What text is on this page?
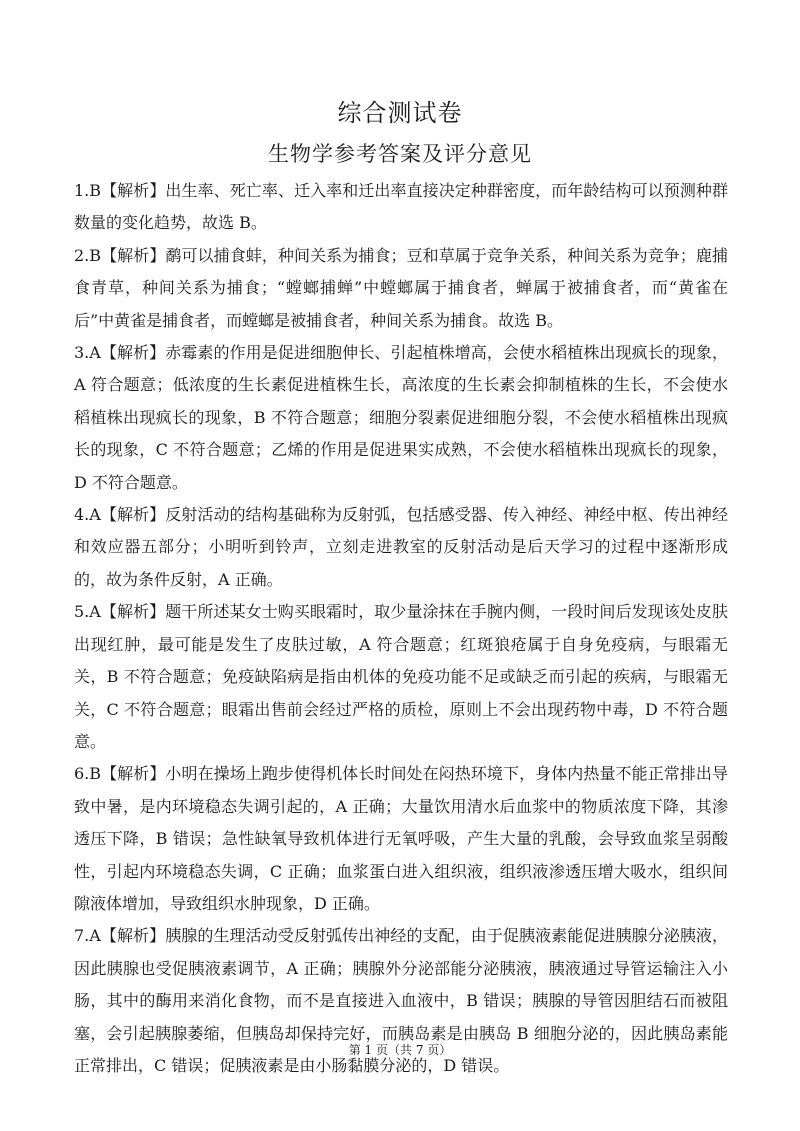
综合测试卷
生物学参考答案及评分意见

1.B【解析】出生率、死亡率、迁入率和迁出率直接决定种群密度，而年龄结构可以预测种群数量的变化趋势，故选 B。

2.B【解析】鹬可以捕食蚌，种间关系为捕食；豆和草属于竞争关系，种间关系为竞争；鹿捕食青草，种间关系为捕食；“螳螂捕蝉”中螳螂属于捕食者，蝉属于被捕食者，而“黄雀在后”中黄雀是捕食者，而螳螂是被捕食者，种间关系为捕食。故选 B。

3.A【解析】赤霉素的作用是促进细胞伸长、引起植株增高，会使水稻植株出现疯长的现象，A 符合题意；低浓度的生长素促进植株生长，高浓度的生长素会抑制植株的生长，不会使水稻植株出现疯长的现象，B 不符合题意；细胞分裂素促进细胞分裂，不会使水稻植株出现疯长的现象，C 不符合题意；乙烯的作用是促进果实成熟，不会使水稻植株出现疯长的现象，D 不符合题意。

4.A【解析】反射活动的结构基础称为反射弧，包括感受器、传入神经、神经中枢、传出神经和效应器五部分；小明听到铃声，立刻走进教室的反射活动是后天学习的过程中逐渐形成的，故为条件反射，A 正确。

5.A【解析】题干所述某女士购买眼霜时，取少量涂抹在手腕内侧，一段时间后发现该处皮肤出现红肿，最可能是发生了皮肤过敏，A 符合题意；红斑狼疮属于自身免疫病，与眼霜无关，B 不符合题意；免疫缺陷病是指由机体的免疫功能不足或缺乏而引起的疾病，与眼霜无关，C 不符合题意；眼霜出售前会经过严格的质检，原则上不会出现药物中毒，D 不符合题意。

6.B【解析】小明在操场上跑步使得机体长时间处在闷热环境下，身体内热量不能正常排出导致中暑，是内环境稳态失调引起的，A 正确；大量饮用清水后血浆中的物质浓度下降，其渗透压下降，B 错误；急性缺氧导致机体进行无氧呼吸，产生大量的乳酸，会导致血浆呈弱酸性，引起内环境稳态失调，C 正确；血浆蛋白进入组织液，组织液渗透压增大吸水，组织间隙液体增加，导致组织水肿现象，D 正确。

7.A【解析】胰腺的生理活动受反射弧传出神经的支配，由于促胰液素能促进胰腺分泌胰液，因此胰腺也受促胰液素调节，A 正确；胰腺外分泌部能分泌胰液，胰液通过导管运输注入小肠，其中的酶用来消化食物，而不是直接进入血液中，B 错误；胰腺的导管因胆结石而被阻塞，会引起胰腺萎缩，但胰岛却保持完好，而胰岛素是由胰岛 B 细胞分泌的，因此胰岛素能正常排出，C 错误；促胰液素是由小肠黏膜分泌的，D 错误。

第 1 页（共 7 页）
